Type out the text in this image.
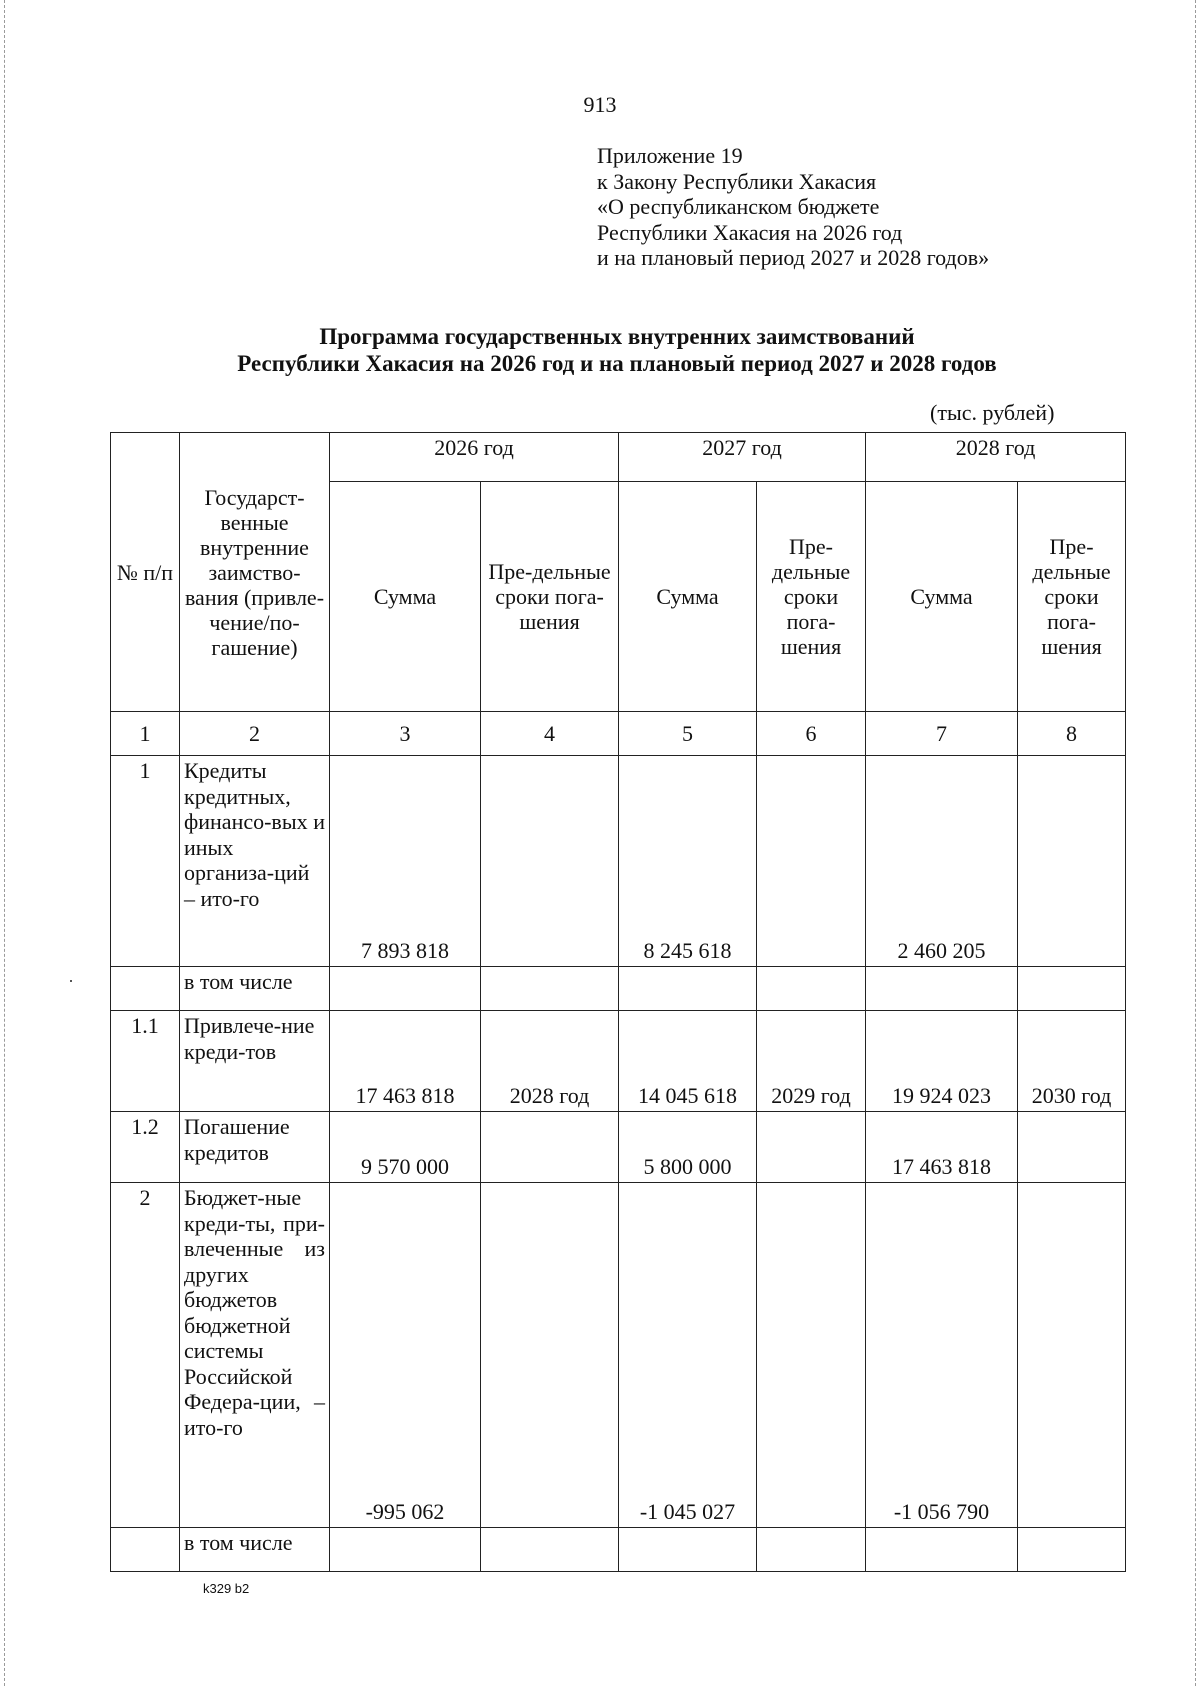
913
Приложение 19
к Закону Республики Хакасия
«О республиканском бюджете
Республики Хакасия на 2026 год
и на плановый период 2027 и 2028 годов»
Программа государственных внутренних заимствований
Республики Хакасия на 2026 год и на плановый период 2027 и 2028 годов
(тыс. рублей)
№ п/п	Государст-венные внутренние заимство-вания (привле-чение/по-гашение)	2026 год		2027 год		2028 год	
		Сумма	Пре-дельные сроки пога-шения	Сумма	Пре-дельные сроки пога-шения	Сумма	Пре-дельные сроки пога-шения
1	2	3	4	5	6	7	8
1	Кредиты кредитных, финансо-вых и иных организа-ций – ито-го	7 893 818		8 245 618		2 460 205	
	в том числе						
1.1	Привлече-ние креди-тов	17 463 818	2028 год	14 045 618	2029 год	19 924 023	2030 год
1.2	Погашение кредитов	9 570 000		5 800 000		17 463 818	
2	Бюджет-ные креди-ты, при-влеченные из других бюджетов бюджетной системы Российской Федера-ции, – ито-го	-995 062		-1 045 027		-1 056 790	
	в том числе						
k329 b2
